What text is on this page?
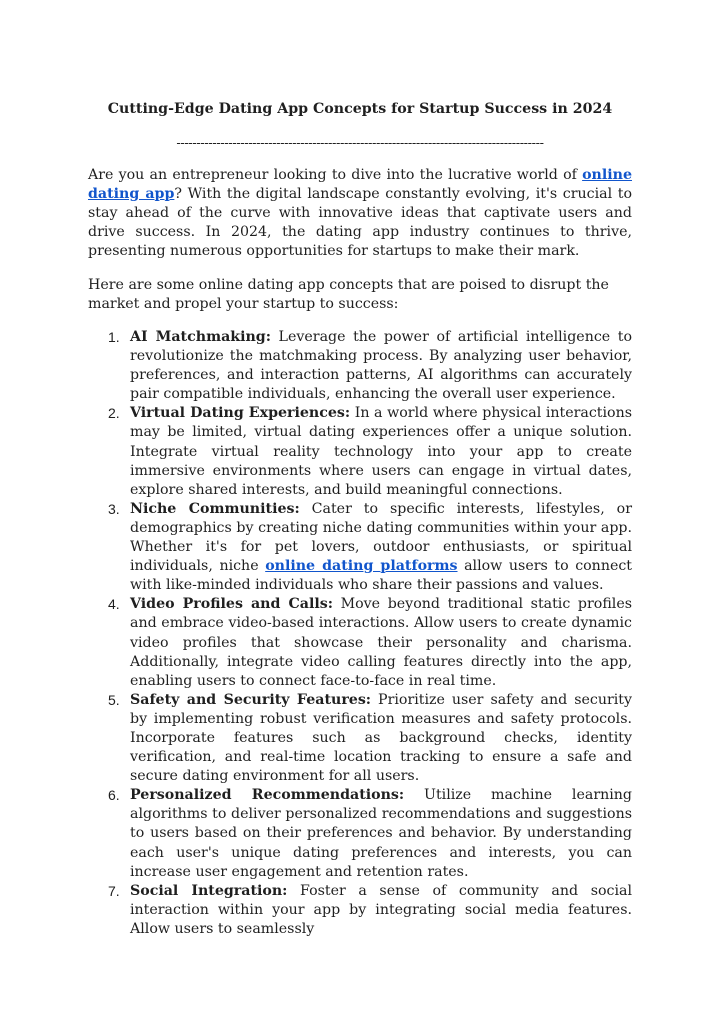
Cutting-Edge Dating App Concepts for Startup Success in 2024
--------------------------------------------------------------------------------------------

Are you an entrepreneur looking to dive into the lucrative world of online dating app? With the digital landscape constantly evolving, it's crucial to stay ahead of the curve with innovative ideas that captivate users and drive success. In 2024, the dating app industry continues to thrive, presenting numerous opportunities for startups to make their mark.

Here are some online dating app concepts that are poised to disrupt the market and propel your startup to success:

1. AI Matchmaking: Leverage the power of artificial intelligence to revolutionize the matchmaking process. By analyzing user behavior, preferences, and interaction patterns, AI algorithms can accurately pair compatible individuals, enhancing the overall user experience.
2. Virtual Dating Experiences: In a world where physical interactions may be limited, virtual dating experiences offer a unique solution. Integrate virtual reality technology into your app to create immersive environments where users can engage in virtual dates, explore shared interests, and build meaningful connections.
3. Niche Communities: Cater to specific interests, lifestyles, or demographics by creating niche dating communities within your app. Whether it's for pet lovers, outdoor enthusiasts, or spiritual individuals, niche online dating platforms allow users to connect with like-minded individuals who share their passions and values.
4. Video Profiles and Calls: Move beyond traditional static profiles and embrace video-based interactions. Allow users to create dynamic video profiles that showcase their personality and charisma. Additionally, integrate video calling features directly into the app, enabling users to connect face-to-face in real time.
5. Safety and Security Features: Prioritize user safety and security by implementing robust verification measures and safety protocols. Incorporate features such as background checks, identity verification, and real-time location tracking to ensure a safe and secure dating environment for all users.
6. Personalized Recommendations: Utilize machine learning algorithms to deliver personalized recommendations and suggestions to users based on their preferences and behavior. By understanding each user's unique dating preferences and interests, you can increase user engagement and retention rates.
7. Social Integration: Foster a sense of community and social interaction within your app by integrating social media features. Allow users to seamlessly
